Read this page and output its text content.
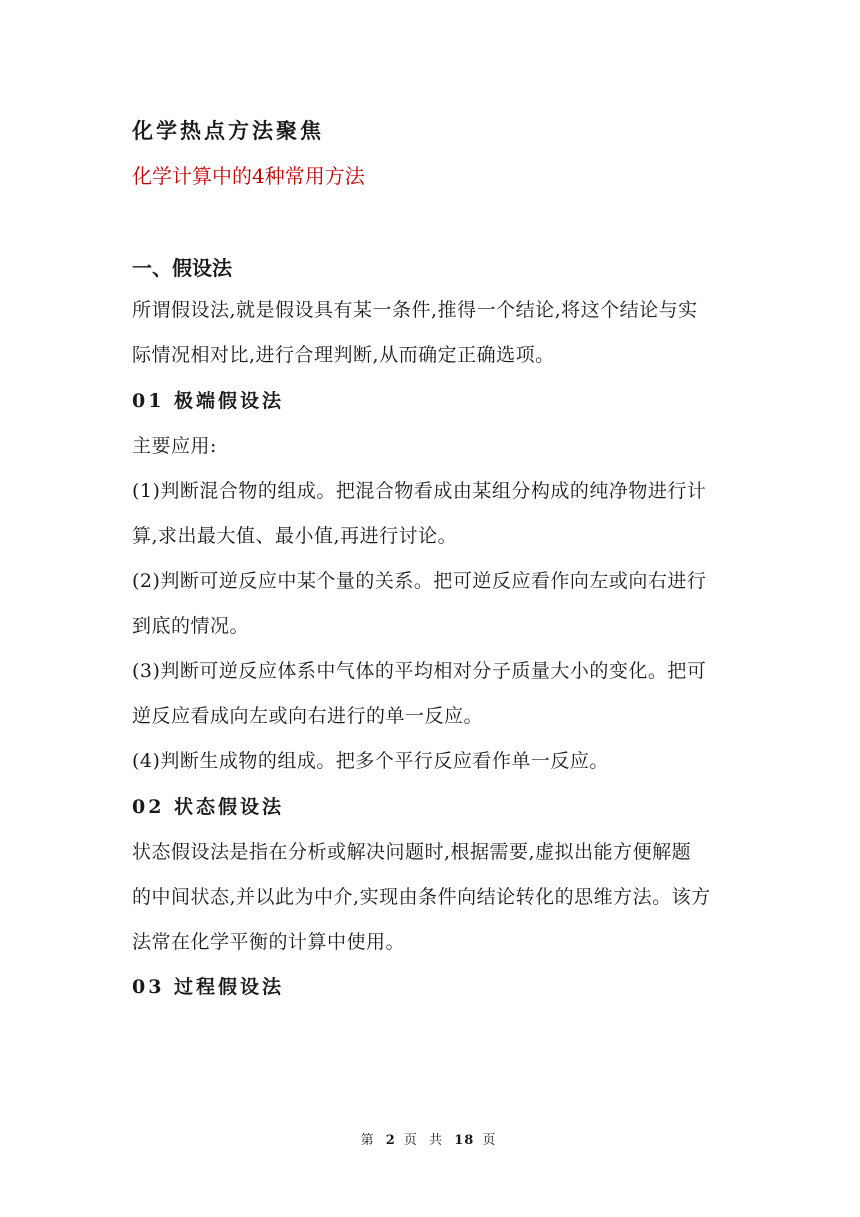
化学热点方法聚焦
化学计算中的4种常用方法
一、假设法
所谓假设法,就是假设具有某一条件,推得一个结论,将这个结论与实
际情况相对比,进行合理判断,从而确定正确选项。
01 极端假设法
主要应用:
(1)判断混合物的组成。把混合物看成由某组分构成的纯净物进行计
算,求出最大值、最小值,再进行讨论。
(2)判断可逆反应中某个量的关系。把可逆反应看作向左或向右进行
到底的情况。
(3)判断可逆反应体系中气体的平均相对分子质量大小的变化。把可
逆反应看成向左或向右进行的单一反应。
(4)判断生成物的组成。把多个平行反应看作单一反应。
02 状态假设法
状态假设法是指在分析或解决问题时,根据需要,虚拟出能方便解题
的中间状态,并以此为中介,实现由条件向结论转化的思维方法。该方
法常在化学平衡的计算中使用。
03 过程假设法
第 2 页 共 18 页
